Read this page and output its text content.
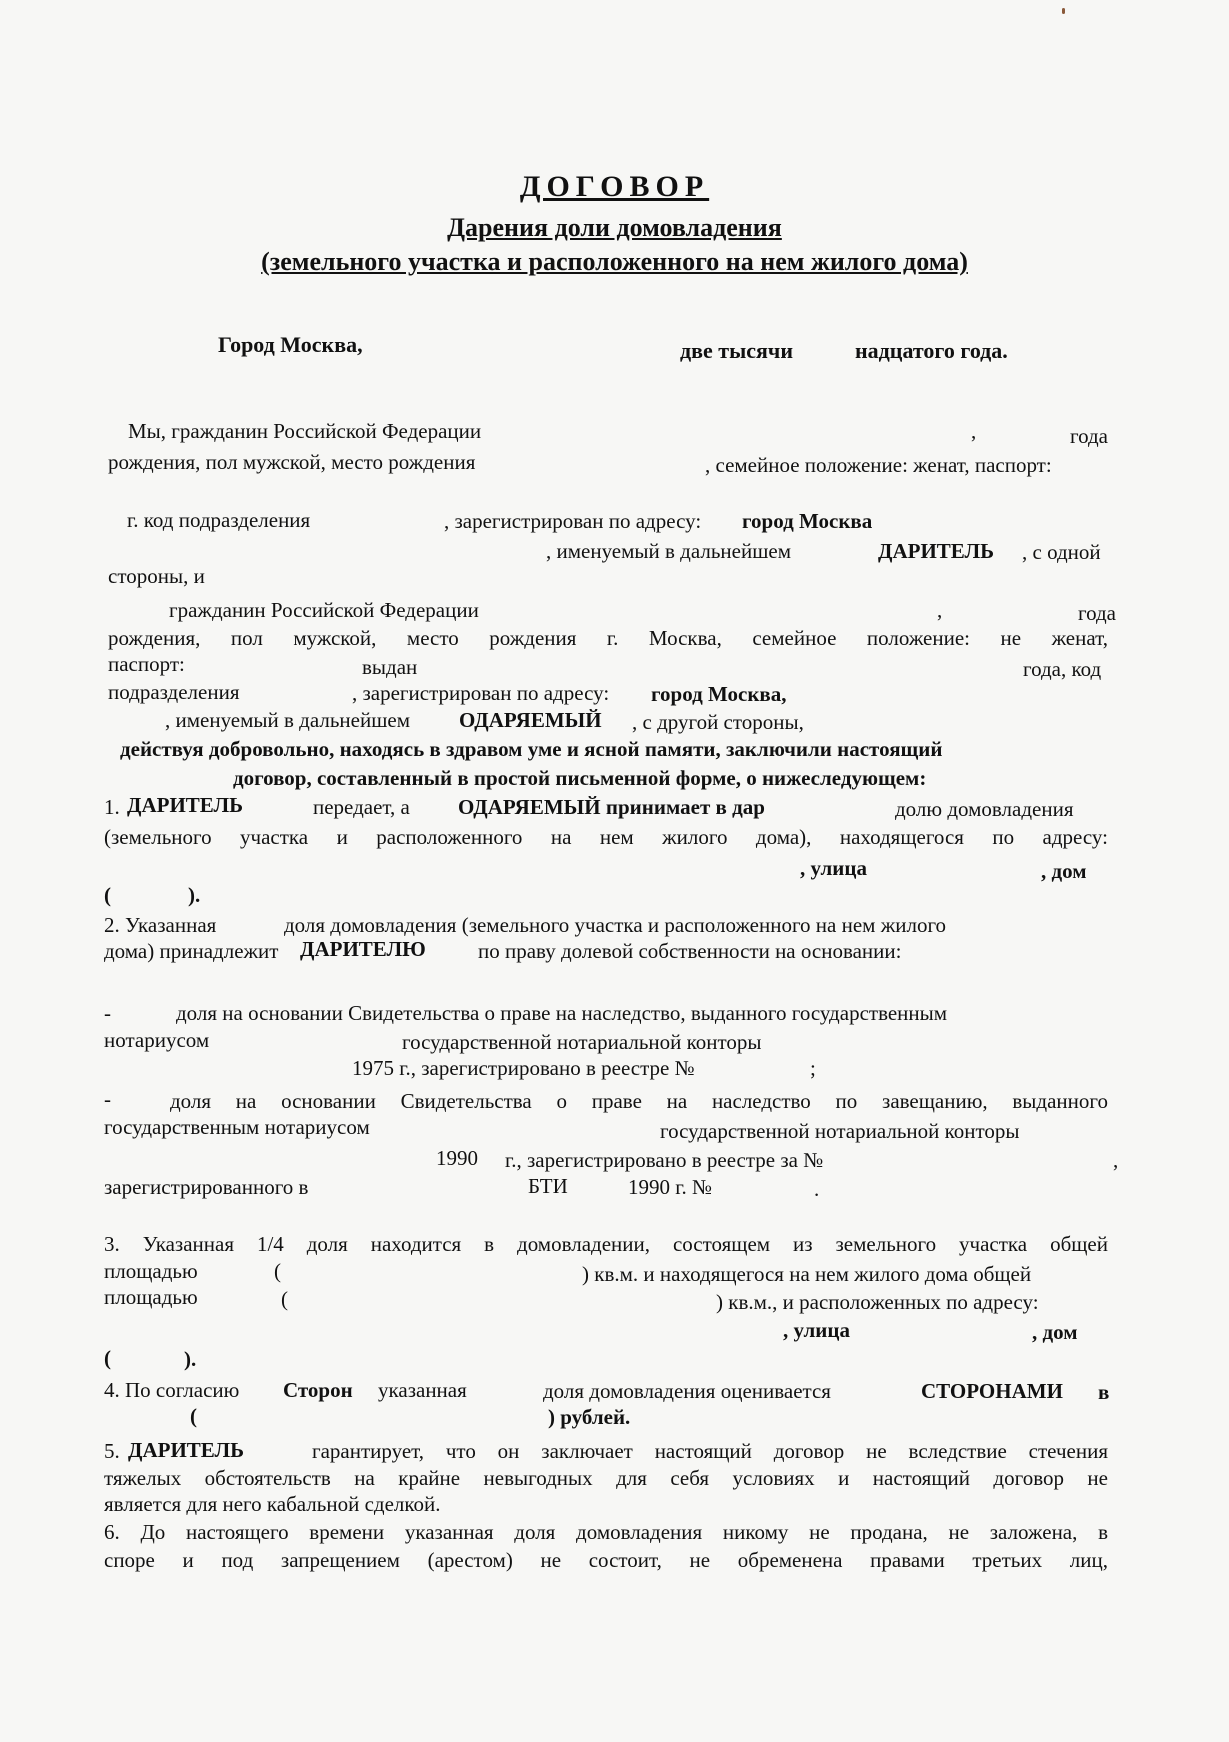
ДОГОВОР
Дарения доли домовладения
(земельного участка и расположенного на нем жилого дома)
Город Москва,	две тысячи	надцатого года.
Мы, гражданин Российской Федерации	,	года
рождения, пол мужской, место рождения	, семейное положение: женат, паспорт:
г. код подразделения	, зарегистрирован по адресу: город Москва
, именуемый в дальнейшем	ДАРИТЕЛЬ , с одной
стороны, и
гражданин Российской Федерации	,	года
рождения, пол мужской, место рождения г. Москва, семейное положение: не женат,
паспорт:	выдан	года, код
подразделения	, зарегистрирован по адресу: город Москва,
, именуемый в дальнейшем ОДАРЯЕМЫЙ , с другой стороны,
действуя добровольно, находясь в здравом уме и ясной памяти, заключили настоящий
договор, составленный в простой письменной форме, о нижеследующем:
1. ДАРИТЕЛЬ	передает, а ОДАРЯЕМЫЙ принимает в дар	долю домовладения
(земельного участка и расположенного на нем жилого дома), находящегося по адресу:
, улица	, дом
(	).
2. Указанная	доля домовладения (земельного участка и расположенного на нем жилого
дома) принадлежит ДАРИТЕЛЮ по праву долевой собственности на основании:
-	доля на основании Свидетельства о праве на наследство, выданного государственным
нотариусом	государственной нотариальной конторы
1975 г., зарегистрировано в реестре №	;
-	доля на основании Свидетельства о праве на наследство по завещанию, выданного
государственным нотариусом	государственной нотариальной конторы
1990 г., зарегистрировано в реестре за №	,
зарегистрированного в	БТИ	1990 г. №	.
3. Указанная 1/4 доля находится в домовладении, состоящем из земельного участка общей
площадью	(	) кв.м. и находящегося на нем жилого дома общей
площадью	(	) кв.м., и расположенных по адресу:
, улица	, дом
(	).
4. По согласию Сторон указанная	доля домовладения оценивается	СТОРОНАМИ в
(	) рублей.
5. ДАРИТЕЛЬ	гарантирует, что он заключает настоящий договор не вследствие стечения
тяжелых обстоятельств на крайне невыгодных для себя условиях и настоящий договор не
является для него кабальной сделкой.
6. До настоящего времени указанная доля домовладения никому не продана, не заложена, в
споре и под запрещением (арестом) не состоит, не обременена правами третьих лиц,
